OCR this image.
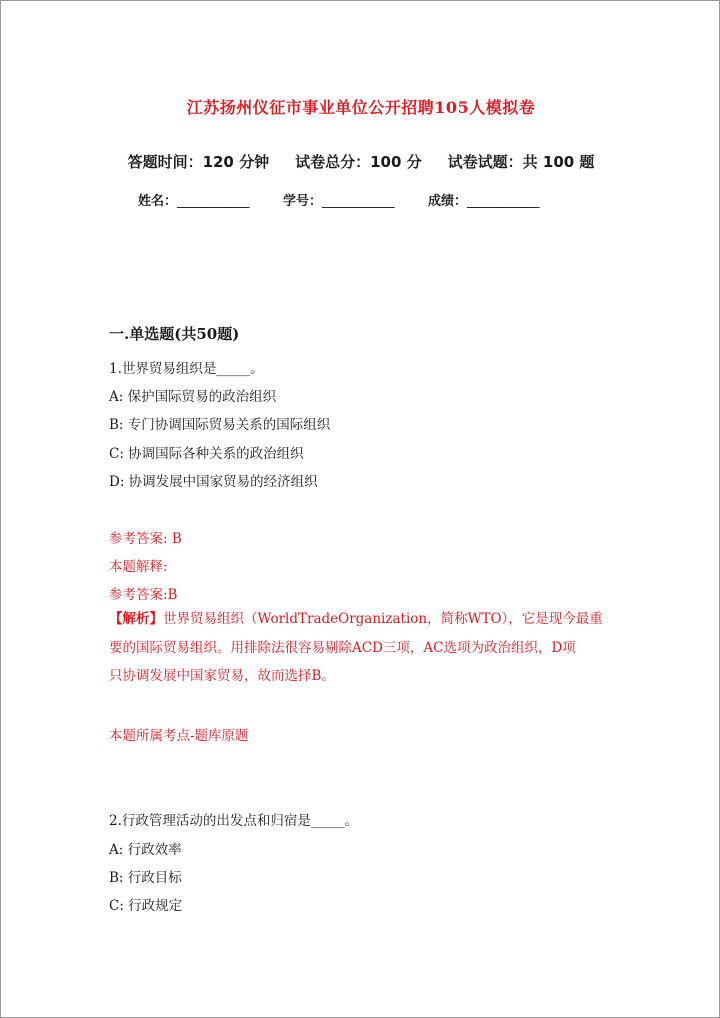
江苏扬州仪征市事业单位公开招聘105人模拟卷
答题时间：120 分钟 试卷总分：100 分 试卷试题：共 100 题
姓名：____________	学号：____________	成绩：____________
一.单选题(共50题)
1.世界贸易组织是_____。
A: 保护国际贸易的政治组织
B: 专门协调国际贸易关系的国际组织
C: 协调国际各种关系的政治组织
D: 协调发展中国家贸易的经济组织
参考答案: B
本题解释:
参考答案:B
【解析】世界贸易组织（WorldTradeOrganization，简称WTO），它是现今最重
要的国际贸易组织。用排除法很容易剔除ACD三项，AC选项为政治组织，D项
只协调发展中国家贸易，故而选择B。
本题所属考点-题库原题
2.行政管理活动的出发点和归宿是_____。
A: 行政效率
B: 行政目标
C: 行政规定
